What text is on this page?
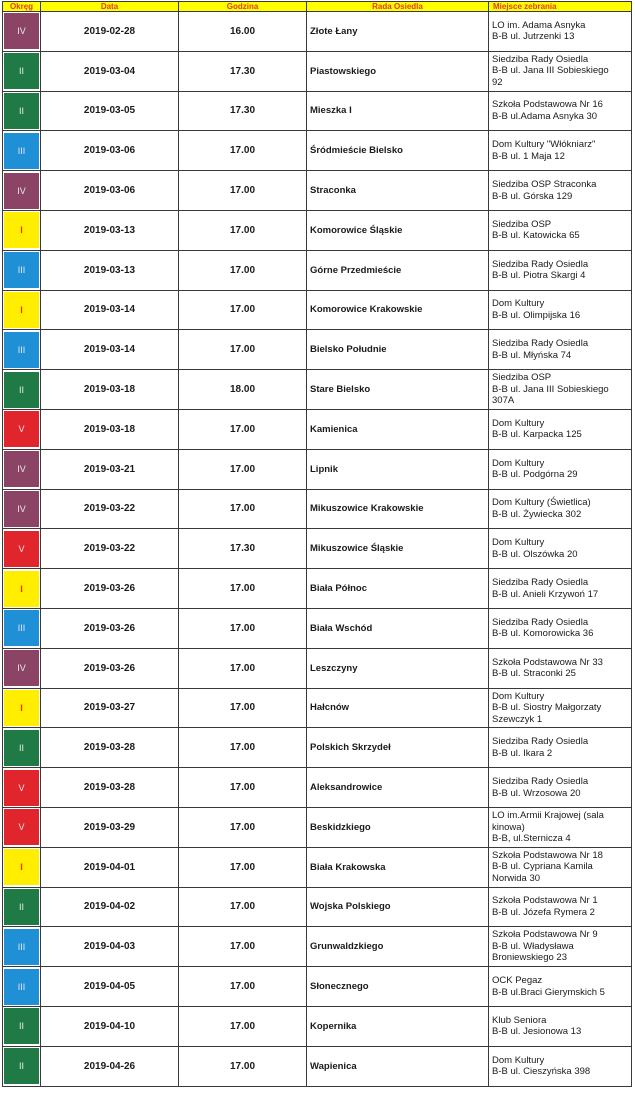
Okręg	Data	Godzina	Rada Osiedla	Miejsce zebrania

IV	2019-02-28	16.00	Złote Łany	LO im. Adama Asnyka
B-B ul. Jutrzenki 13

II	2019-03-04	17.30	Piastowskiego	Siedziba Rady Osiedla
B-B ul. Jana III Sobieskiego
92

II	2019-03-05	17.30	Mieszka I	Szkoła Podstawowa Nr 16
B-B ul.Adama Asnyka 30

III	2019-03-06	17.00	Śródmieście Bielsko	Dom Kultury "Włókniarz"
B-B ul. 1 Maja 12

IV	2019-03-06	17.00	Straconka	Siedziba OSP Straconka
B-B ul. Górska 129

I	2019-03-13	17.00	Komorowice Śląskie	Siedziba OSP
B-B ul. Katowicka 65

III	2019-03-13	17.00	Górne Przedmieście	Siedziba Rady Osiedla
B-B ul. Piotra Skargi 4

I	2019-03-14	17.00	Komorowice Krakowskie	Dom Kultury
B-B ul. Olimpijska 16

III	2019-03-14	17.00	Bielsko Południe	Siedziba Rady Osiedla
B-B ul. Młyńska 74

II	2019-03-18	18.00	Stare Bielsko	Siedziba OSP
B-B ul. Jana III Sobieskiego
307A

V	2019-03-18	17.00	Kamienica	Dom Kultury
B-B ul. Karpacka 125

IV	2019-03-21	17.00	Lipnik	Dom Kultury
B-B ul. Podgórna 29

IV	2019-03-22	17.00	Mikuszowice Krakowskie	Dom Kultury (Świetlica)
B-B ul. Żywiecka 302

V	2019-03-22	17.30	Mikuszowice Śląskie	Dom Kultury
B-B ul. Olszówka 20

I	2019-03-26	17.00	Biała Północ	Siedziba Rady Osiedla
B-B ul. Anieli Krzywoń 17

III	2019-03-26	17.00	Biała Wschód	Siedziba Rady Osiedla
B-B ul. Komorowicka 36

IV	2019-03-26	17.00	Leszczyny	Szkoła Podstawowa Nr 33
B-B ul. Straconki 25

I	2019-03-27	17.00	Hałcnów	Dom Kultury
B-B ul. Siostry Małgorzaty
Szewczyk 1

II	2019-03-28	17.00	Polskich Skrzydeł	Siedziba Rady Osiedla
B-B ul. Ikara 2

V	2019-03-28	17.00	Aleksandrowice	Siedziba Rady Osiedla
B-B ul. Wrzosowa 20

V	2019-03-29	17.00	Beskidzkiego	LO im.Armii Krajowej (sala
kinowa)
B-B, ul.Sternicza 4

I	2019-04-01	17.00	Biała Krakowska	Szkoła Podstawowa Nr 18
B-B ul. Cypriana Kamila
Norwida 30

II	2019-04-02	17.00	Wojska Polskiego	Szkoła Podstawowa Nr 1
B-B ul. Józefa Rymera 2

III	2019-04-03	17.00	Grunwaldzkiego	Szkoła Podstawowa Nr 9
B-B ul. Władysława
Broniewskiego 23

III	2019-04-05	17.00	Słonecznego	OCK Pegaz
B-B ul.Braci Gierymskich 5

II	2019-04-10	17.00	Kopernika	Klub Seniora
B-B ul. Jesionowa 13

II	2019-04-26	17.00	Wapienica	Dom Kultury
B-B ul. Cieszyńska 398
